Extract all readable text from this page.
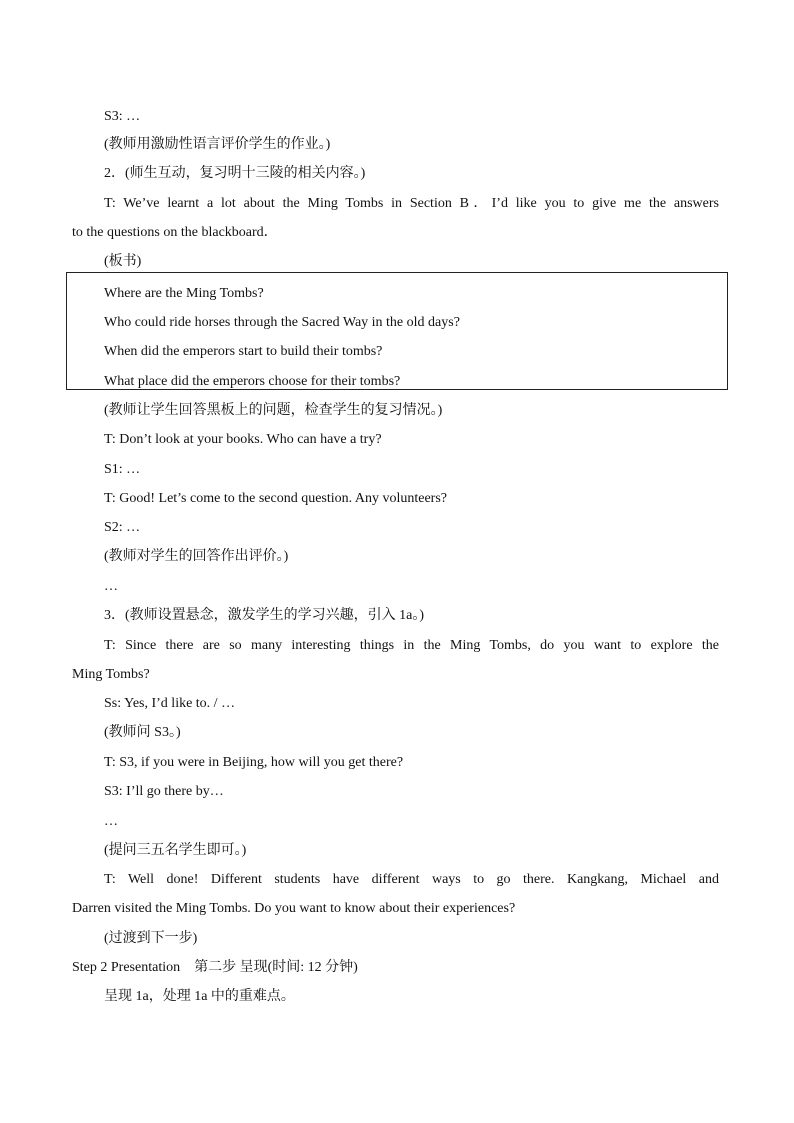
S3: …
(教师用激励性语言评价学生的作业。)
2．(师生互动，复习明十三陵的相关内容。)
T: We’ve learnt a lot about the Ming Tombs in Section B．I’d like you to give me the answers
to the questions on the blackboard．
(板书)
Where are the Ming Tombs?
Who could ride horses through the Sacred Way in the old days?
When did the emperors start to build their tombs?
What place did the emperors choose for their tombs?
(教师让学生回答黑板上的问题，检查学生的复习情况。)
T: Don’t look at your books. Who can have a try?
S1: …
T: Good! Let’s come to the second question. Any volunteers?
S2: …
(教师对学生的回答作出评价。)
…
3．(教师设置悬念，激发学生的学习兴趣，引入 1a。)
T: Since there are so many interesting things in the Ming Tombs, do you want to explore the
Ming Tombs?
Ss: Yes, I’d like to. / …
(教师问 S3。)
T: S3, if you were in Beijing, how will you get there?
S3: I’ll go there by…
…
(提问三五名学生即可。)
T: Well done! Different students have different ways to go there. Kangkang, Michael and
Darren visited the Ming Tombs. Do you want to know about their experiences?
(过渡到下一步)
Step 2 Presentation　第二步 呈现(时间: 12 分钟)
呈现 1a，处理 1a 中的重难点。
